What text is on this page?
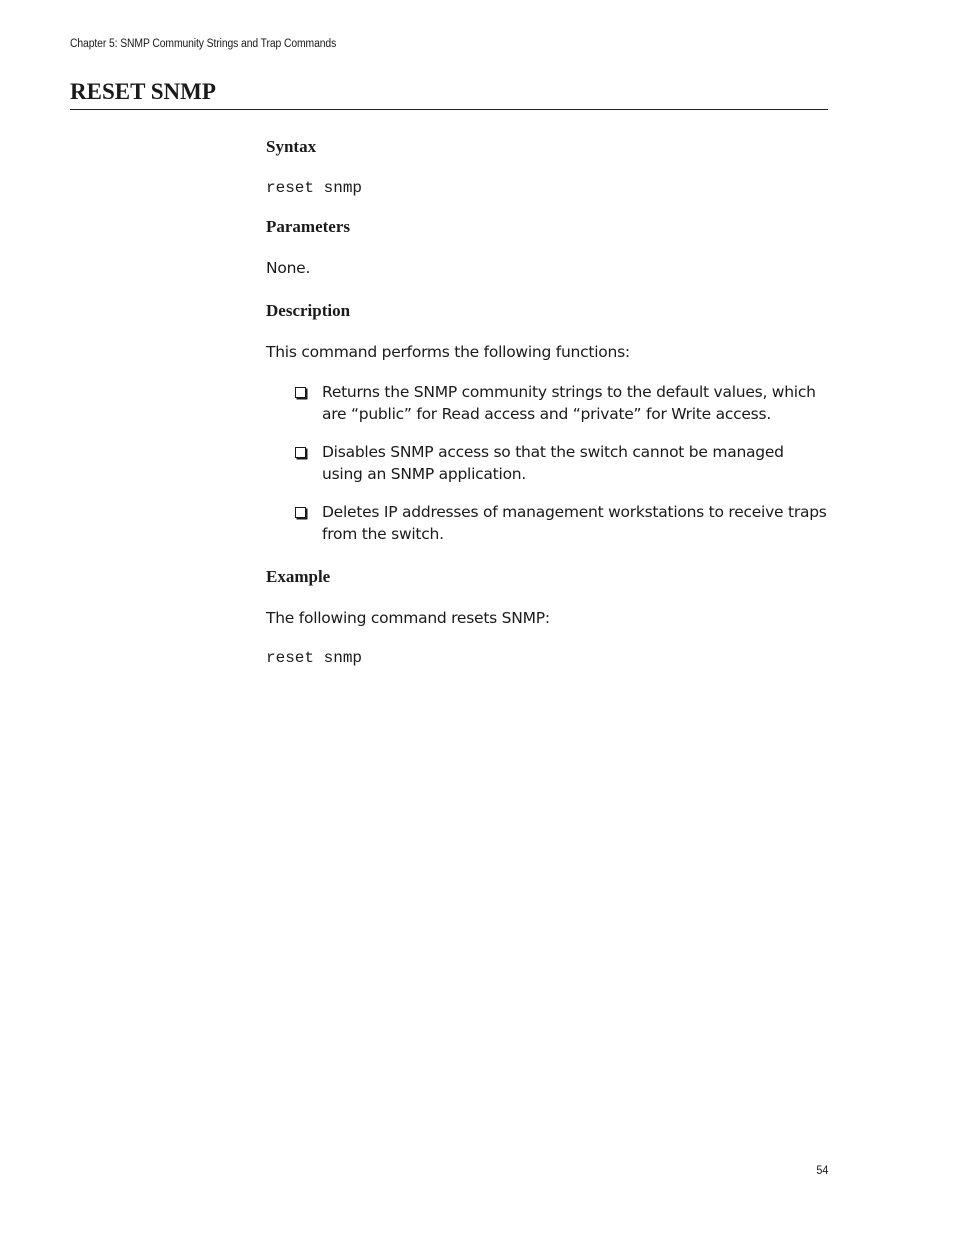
Chapter 5: SNMP Community Strings and Trap Commands
RESET SNMP
Syntax

reset snmp

Parameters

None.

Description

This command performs the following functions:

Returns the SNMP community strings to the default values, which are “public” for Read access and “private” for Write access.
Disables SNMP access so that the switch cannot be managed using an SNMP application.
Deletes IP addresses of management workstations to receive traps from the switch.
Example

The following command resets SNMP:

reset snmp

54
